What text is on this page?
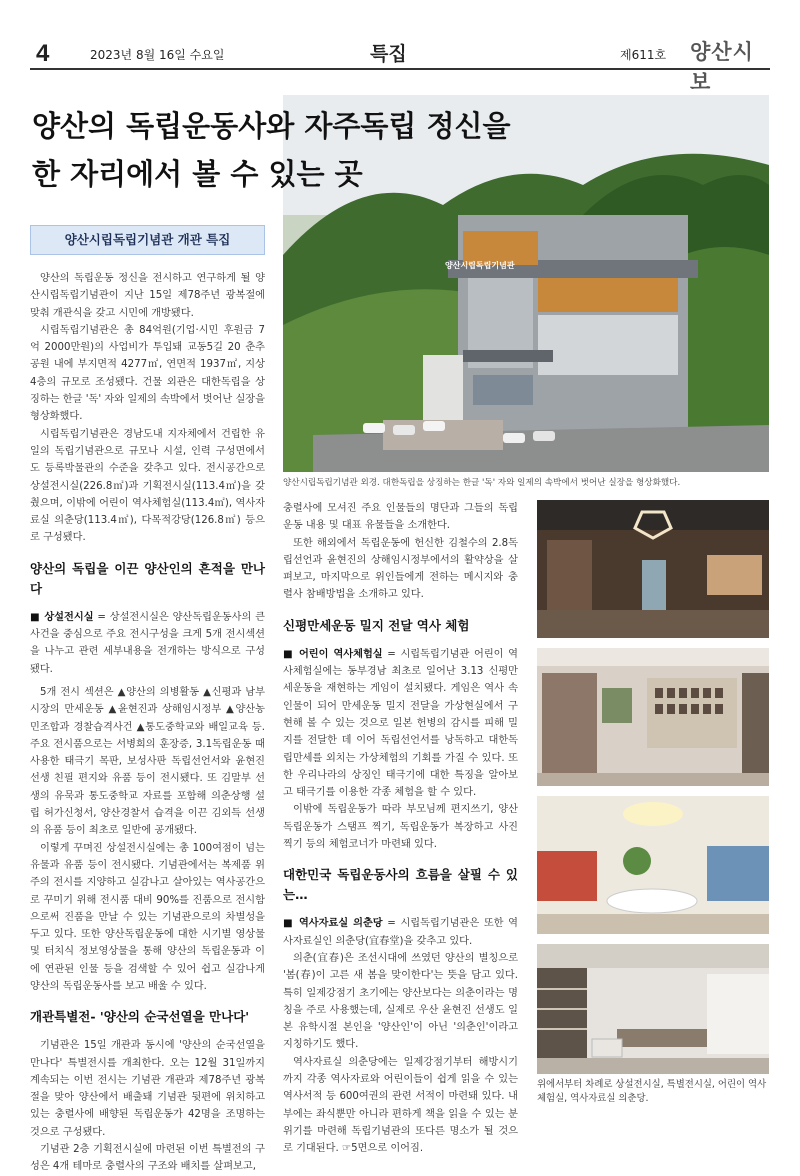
4	2023년 8월 16일 수요일	특집	제611호 양산시보
양산의 독립운동사와 자주독립 정신을
한 자리에서 볼 수 있는 곳
양산시립독립기념관
양산시립독립기념관 외경. 대한독립을 상징하는 한글 '독' 자와 일제의 속박에서 벗어난 실장을 형상화했다.
양산시립독립기념관 개관 특집

양산의 독립운동 정신을 전시하고 연구하게 될 양산시립독립기념관이 지난 15일 제78주년 광복절에 맞춰 개관식을 갖고 시민에 개방됐다.

시립독립기념관은 총 84억원(기업·시민 후원금 7억 2000만원)의 사업비가 투입돼 교동5길 20 춘추공원 내에 부지면적 4277㎡, 연면적 1937㎡, 지상 4층의 규모로 조성됐다. 건물 외관은 대한독립을 상징하는 한글 '독' 자와 일제의 속박에서 벗어난 실장을 형상화했다.

시립독립기념관은 경남도내 지자체에서 건립한 유일의 독립기념관으로 규모나 시설, 인력 구성면에서도 등록박물관의 수준을 갖추고 있다. 전시공간으로 상설전시실(226.8㎡)과 기획전시실(113.4㎡)을 갖췄으며, 이밖에 어린이 역사체험실(113.4㎡), 역사자료실 의춘당(113.4㎡), 다목적강당(126.8㎡) 등으로 구성됐다.

양산의 독립을 이끈 양산인의 흔적을 만나다

■ 상설전시실 = 상설전시실은 양산독립운동사의 큰 사건을 중심으로 주요 전시구성을 크게 5개 전시섹션을 나누고 관련 세부내용을 전개하는 방식으로 구성됐다.

5개 전시 섹션은 ▲양산의 의병활동 ▲신평과 남부시장의 만세운동 ▲윤현진과 상해임시정부 ▲양산농민조합과 경찰습격사건 ▲통도중학교와 배일교육 등. 주요 전시품으로는 서병희의 훈장증, 3.1독립운동 때 사용한 태극기 목판, 보성사판 독립선언서와 윤현진 선생 친필 편지와 유품 등이 전시됐다. 또 김말부 선생의 유묵과 통도중학교 자료를 포함해 의춘상행 설립 허가신청서, 양산경찰서 습격을 이끈 김외득 선생의 유품 등이 최초로 일반에 공개됐다.

이렇게 꾸며진 상설전시실에는 총 100여점이 넘는 유물과 유품 등이 전시됐다. 기념관에서는 복제품 위주의 전시를 지양하고 실감나고 살아있는 역사공간으로 꾸미기 위해 전시품 대비 90%를 진품으로 전시함으로써 진품을 만날 수 있는 기념관으로의 차별성을 두고 있다. 또한 양산독립운동에 대한 시기별 영상물 및 터치식 정보영상물을 통해 양산의 독립운동과 이에 연관된 인물 등을 검색할 수 있어 쉽고 실감나게 양산의 독립운동사를 보고 배울 수 있다.

개관특별전- '양산의 순국선열을 만나다'

기념관은 15일 개관과 동시에 '양산의 순국선열을 만나다' 특별전시를 개최한다. 오는 12월 31일까지 계속되는 이번 전시는 기념관 개관과 제78주년 광복절을 맞아 양산에서 배출돼 기념관 뒷편에 위치하고 있는 충렬사에 배향된 독립운동가 42명을 조명하는 것으로 구성됐다.

기념관 2층 기획전시실에 마련된 이번 특별전의 구성은 4개 테마로 충렬사의 구조와 배치를 살펴보고,

충렬사에 모셔진 주요 인물들의 명단과 그들의 독립운동 내용 및 대표 유물들을 소개한다.

또한 해외에서 독립운동에 헌신한 김철수의 2.8독립선언과 윤현진의 상해임시정부에서의 활약상을 살펴보고, 마지막으로 위인들에게 전하는 메시지와 충렬사 참배방법을 소개하고 있다.

신평만세운동 밀지 전달 역사 체험

■ 어린이 역사체험실 = 시립독립기념관 어린이 역사체험실에는 동부경남 최초로 일어난 3.13 신평만세운동을 재현하는 게임이 설치됐다. 게임은 역사 속 인물이 되어 만세운동 밀지 전달을 가상현실에서 구현해 볼 수 있는 것으로 일본 헌병의 감시를 피해 밀지를 전달한 데 이어 독립선언서를 낭독하고 대한독립만세를 외치는 가상체험의 기회를 가질 수 있다. 또한 우리나라의 상징인 태극기에 대한 특징을 알아보고 태극기를 이용한 각종 체험을 할 수 있다.

이밖에 독립운동가 따라 부모님께 편지쓰기, 양산독립운동가 스탬프 찍기, 독립운동가 복장하고 사진찍기 등의 체험코너가 마련돼 있다.

대한민국 독립운동사의 흐름을 살필 수 있는…

■ 역사자료실 의춘당 = 시립독립기념관은 또한 역사자료실인 의춘당(宜春堂)을 갖추고 있다.

의춘(宜春)은 조선시대에 쓰였던 양산의 별칭으로 '봄(春)이 고른 새 봄을 맞이한다'는 뜻을 담고 있다. 특히 일제강점기 초기에는 양산보다는 의춘이라는 명칭을 주로 사용했는데, 실제로 우산 윤현진 선생도 일본 유학시절 본인을 '양산인'이 아닌 '의춘인'이라고 지칭하기도 했다.

역사자료실 의춘당에는 일제강점기부터 해방시기까지 각종 역사자료와 어린이들이 쉽게 읽을 수 있는 역사서적 등 600여권의 관련 서적이 마련돼 있다. 내부에는 좌식뿐만 아니라 편하게 책을 읽을 수 있는 분위기를 마련해 독립기념관의 또다른 명소가 될 것으로 기대된다. ☞5면으로 이어짐.

위에서부터 차례로 상설전시실, 특별전시실, 어린이 역사체험실, 역사자료실 의춘당.
